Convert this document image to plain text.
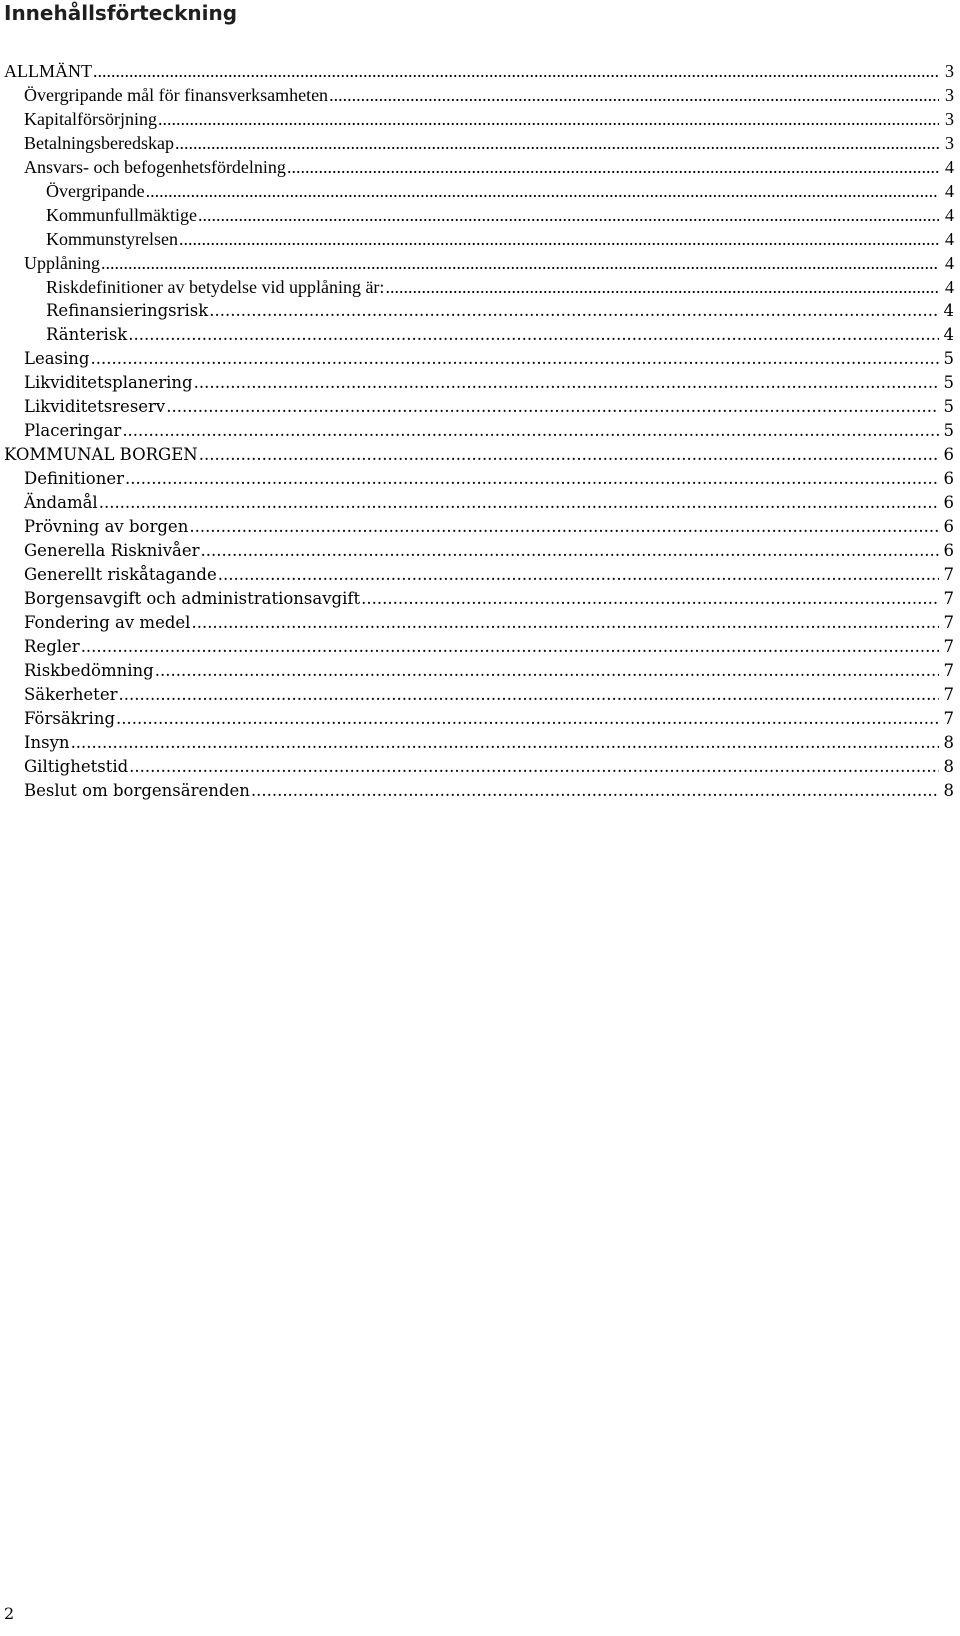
Innehållsförteckning
ALLMÄNT .....	3
Övergripande mål för finansverksamheten .....	3
Kapitalförsörjning .....	3
Betalningsberedskap .....	3
Ansvars- och befogenhetsfördelning .....	4
Övergripande .....	4
Kommunfullmäktige .....	4
Kommunstyrelsen .....	4
Upplåning .....	4
Riskdefinitioner av betydelse vid upplåning är: .....	4
Refinansieringsrisk .....	4
Ränterisk .....	4
Leasing .....	5
Likviditetsplanering .....	5
Likviditetsreserv .....	5
Placeringar .....	5
KOMMUNAL BORGEN .....	6
Definitioner .....	6
Ändamål .....	6
Prövning av borgen .....	6
Generella Risknivåer .....	6
Generellt riskåtagande .....	7
Borgensavgift och administrationsavgift .....	7
Fondering av medel .....	7
Regler .....	7
Riskbedömning .....	7
Säkerheter .....	7
Försäkring .....	7
Insyn .....	8
Giltighetstid .....	8
Beslut om borgensärenden .....	8
2
